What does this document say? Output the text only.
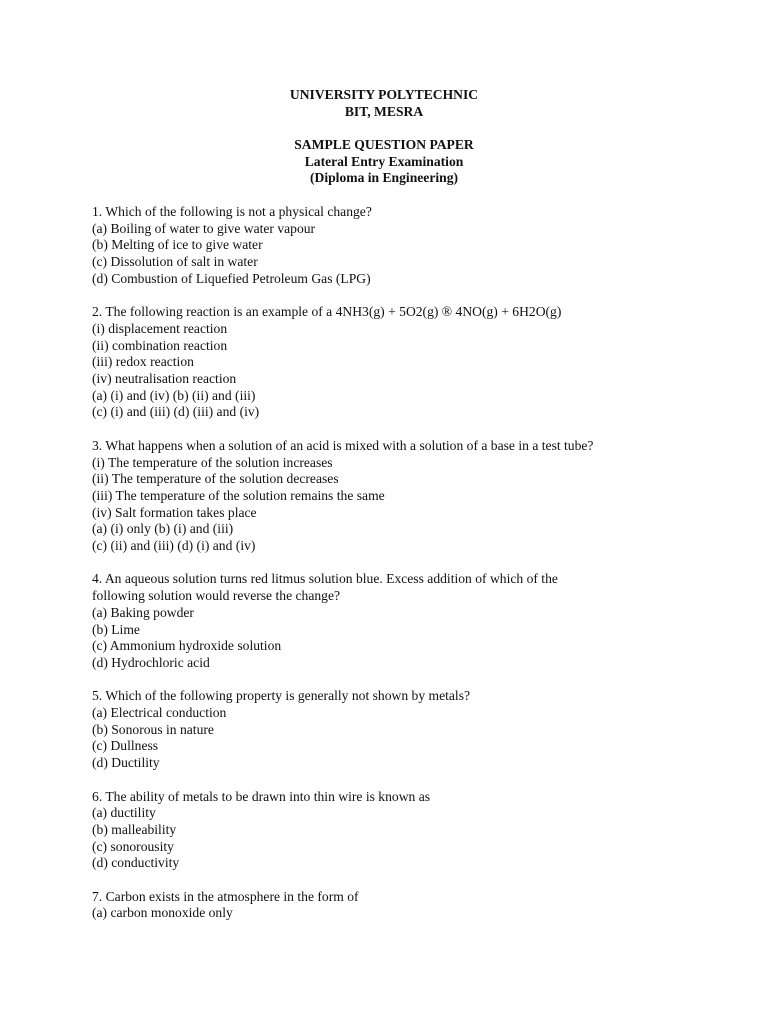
UNIVERSITY POLYTECHNIC
BIT, MESRA
SAMPLE QUESTION PAPER
Lateral Entry Examination
(Diploma in Engineering)
1. Which of the following is not a physical change?
(a) Boiling of water to give water vapour
(b) Melting of ice to give water
(c) Dissolution of salt in water
(d) Combustion of Liquefied Petroleum Gas (LPG)
2. The following reaction is an example of a 4NH3(g) + 5O2(g) ® 4NO(g) + 6H2O(g)
(i) displacement reaction
(ii) combination reaction
(iii) redox reaction
(iv) neutralisation reaction
(a) (i) and (iv) (b) (ii) and (iii)
(c) (i) and (iii) (d) (iii) and (iv)
3. What happens when a solution of an acid is mixed with a solution of a base in a test tube?
(i) The temperature of the solution increases
(ii) The temperature of the solution decreases
(iii) The temperature of the solution remains the same
(iv) Salt formation takes place
(a) (i) only (b) (i) and (iii)
(c) (ii) and (iii) (d) (i) and (iv)
4. An aqueous solution turns red litmus solution blue. Excess addition of which of the
following solution would reverse the change?
(a) Baking powder
(b) Lime
(c) Ammonium hydroxide solution
(d) Hydrochloric acid
5. Which of the following property is generally not shown by metals?
(a) Electrical conduction
(b) Sonorous in nature
(c) Dullness
(d) Ductility
6. The ability of metals to be drawn into thin wire is known as
(a) ductility
(b) malleability
(c) sonorousity
(d) conductivity
7. Carbon exists in the atmosphere in the form of
(a) carbon monoxide only
